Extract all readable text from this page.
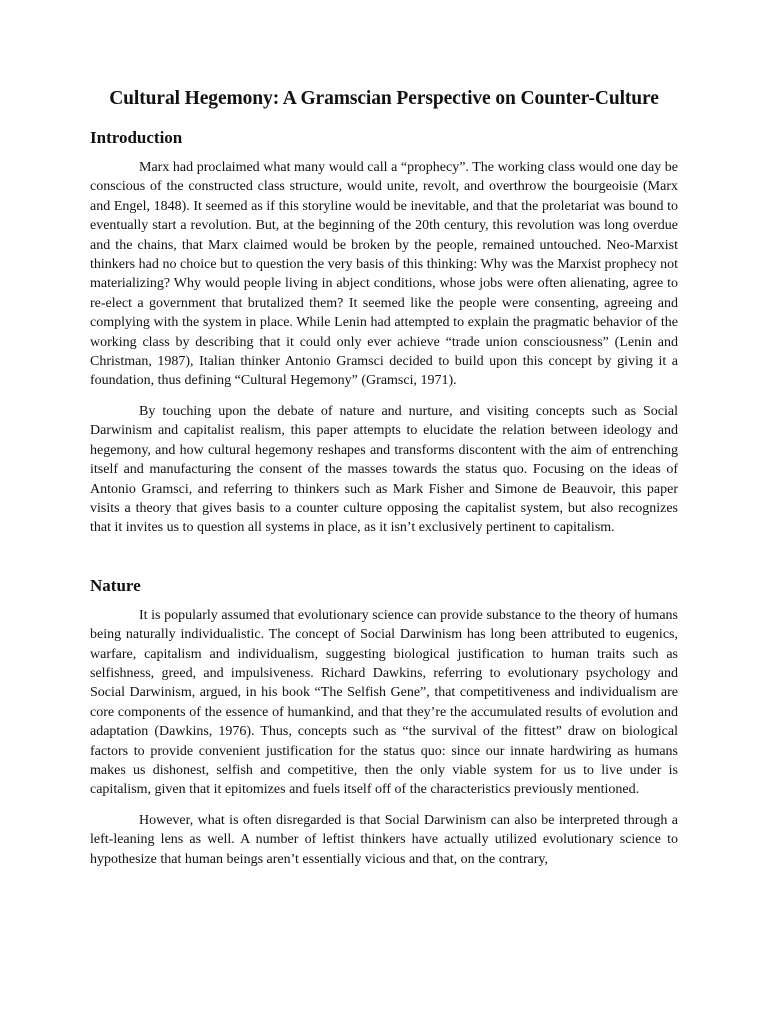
Cultural Hegemony: A Gramscian Perspective on Counter-Culture
Introduction

Marx had proclaimed what many would call a “prophecy”. The working class would one day be conscious of the constructed class structure, would unite, revolt, and overthrow the bourgeoisie (Marx and Engel, 1848). It seemed as if this storyline would be inevitable, and that the proletariat was bound to eventually start a revolution. But, at the beginning of the 20th century, this revolution was long overdue and the chains, that Marx claimed would be broken by the people, remained untouched. Neo-Marxist thinkers had no choice but to question the very basis of this thinking: Why was the Marxist prophecy not materializing? Why would people living in abject conditions, whose jobs were often alienating, agree to re-elect a government that brutalized them? It seemed like the people were consenting, agreeing and complying with the system in place. While Lenin had attempted to explain the pragmatic behavior of the working class by describing that it could only ever achieve “trade union consciousness” (Lenin and Christman, 1987), Italian thinker Antonio Gramsci decided to build upon this concept by giving it a foundation, thus defining “Cultural Hegemony” (Gramsci, 1971).

By touching upon the debate of nature and nurture, and visiting concepts such as Social Darwinism and capitalist realism, this paper attempts to elucidate the relation between ideology and hegemony, and how cultural hegemony reshapes and transforms discontent with the aim of entrenching itself and manufacturing the consent of the masses towards the status quo. Focusing on the ideas of Antonio Gramsci, and referring to thinkers such as Mark Fisher and Simone de Beauvoir, this paper visits a theory that gives basis to a counter culture opposing the capitalist system, but also recognizes that it invites us to question all systems in place, as it isn’t exclusively pertinent to capitalism.

Nature

It is popularly assumed that evolutionary science can provide substance to the theory of humans being naturally individualistic. The concept of Social Darwinism has long been attributed to eugenics, warfare, capitalism and individualism, suggesting biological justification to human traits such as selfishness, greed, and impulsiveness. Richard Dawkins, referring to evolutionary psychology and Social Darwinism, argued, in his book “The Selfish Gene”, that competitiveness and individualism are core components of the essence of humankind, and that they’re the accumulated results of evolution and adaptation (Dawkins, 1976). Thus, concepts such as “the survival of the fittest” draw on biological factors to provide convenient justification for the status quo: since our innate hardwiring as humans makes us dishonest, selfish and competitive, then the only viable system for us to live under is capitalism, given that it epitomizes and fuels itself off of the characteristics previously mentioned.

However, what is often disregarded is that Social Darwinism can also be interpreted through a left-leaning lens as well. A number of leftist thinkers have actually utilized evolutionary science to hypothesize that human beings aren’t essentially vicious and that, on the contrary,
